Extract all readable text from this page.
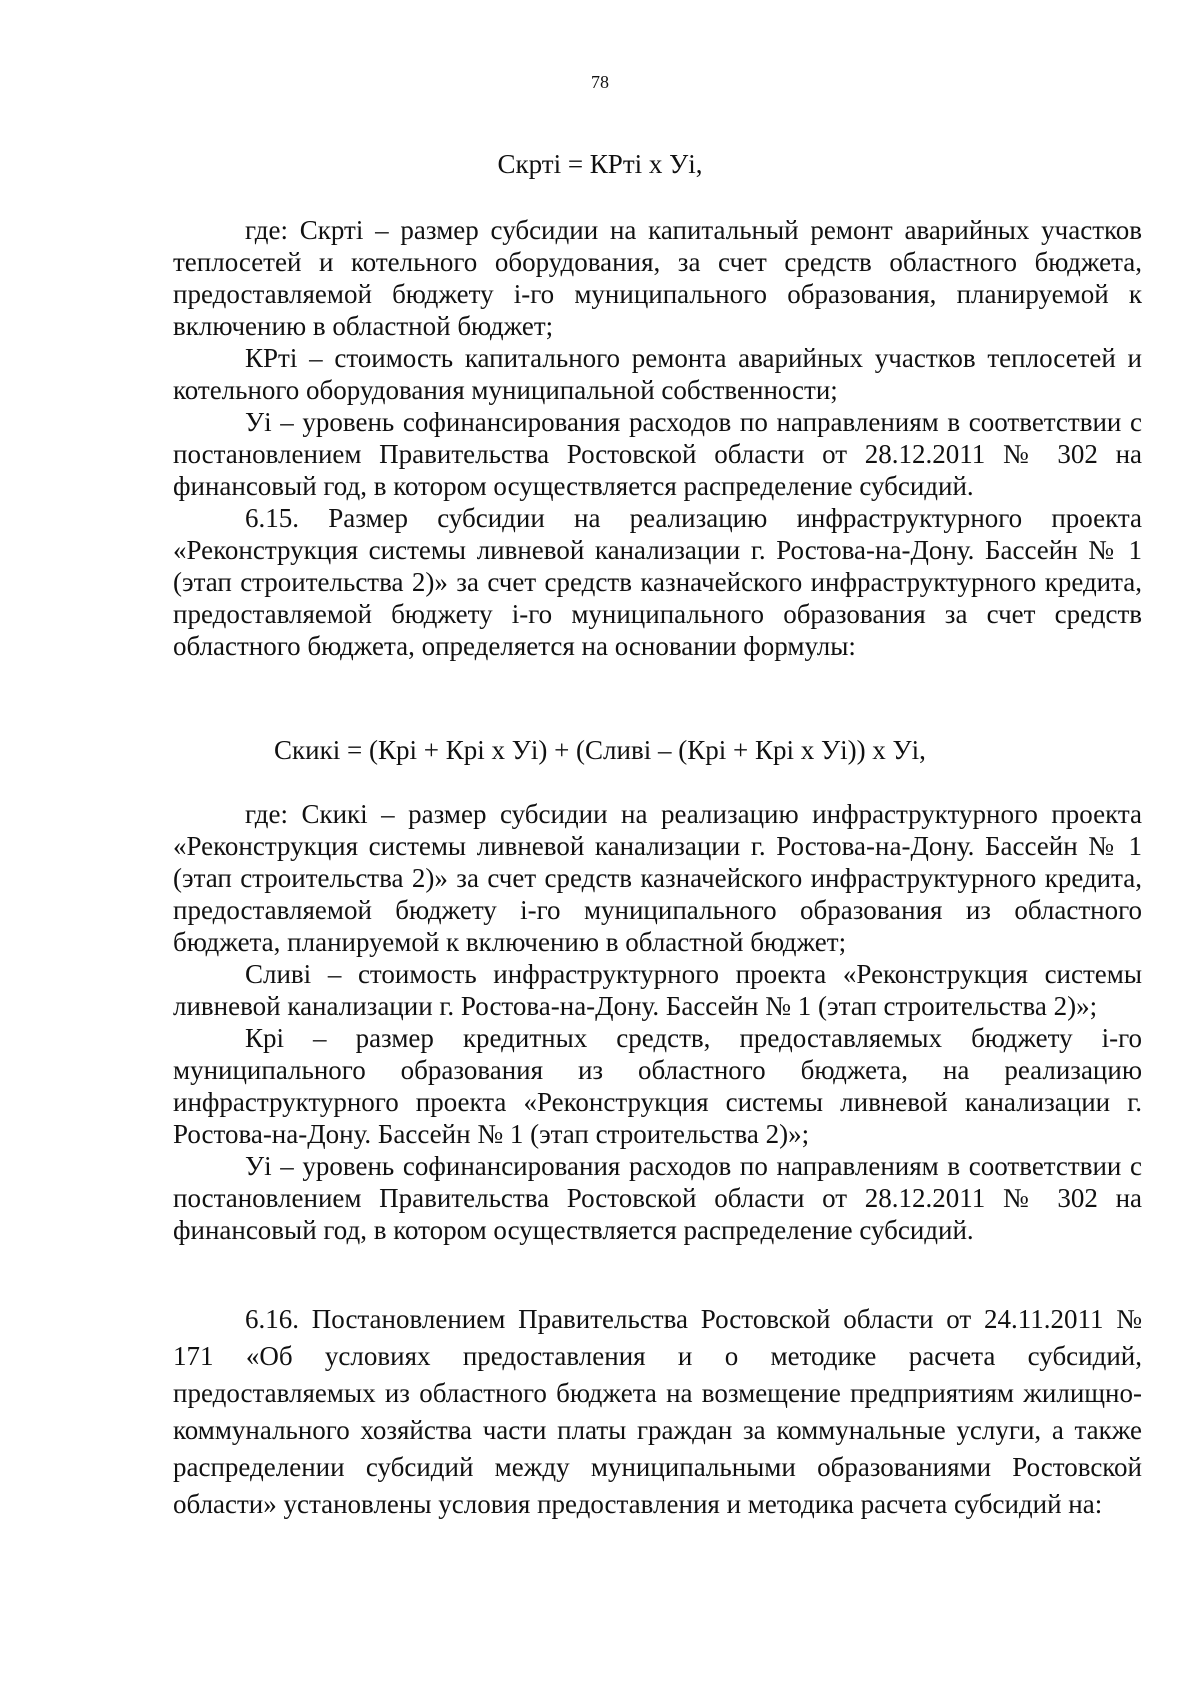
78
Скрті = КРті х Уі,

где: Скрті – размер субсидии на капитальный ремонт аварийных участков теплосетей и котельного оборудования, за счет средств областного бюджета, предоставляемой бюджету і-го муниципального образования, планируемой к включению в областной бюджет;

КРті – стоимость капитального ремонта аварийных участков теплосетей и котельного оборудования муниципальной собственности;

Уі – уровень софинансирования расходов по направлениям в соответствии с постановлением Правительства Ростовской области от 28.12.2011 № 302 на финансовый год, в котором осуществляется распределение субсидий.

6.15. Размер субсидии на реализацию инфраструктурного проекта «Реконструкция системы ливневой канализации г. Ростова-на-Дону. Бассейн № 1 (этап строительства 2)» за счет средств казначейского инфраструктурного кредита, предоставляемой бюджету і-го муниципального образования за счет средств областного бюджета, определяется на основании формулы:

Скикі = (Крі + Крі х Уі) + (Сливі – (Крі + Крі х Уі)) х Уі,

где: Скикі – размер субсидии на реализацию инфраструктурного проекта «Реконструкция системы ливневой канализации г. Ростова-на-Дону. Бассейн № 1 (этап строительства 2)» за счет средств казначейского инфраструктурного кредита, предоставляемой бюджету і-го муниципального образования из областного бюджета, планируемой к включению в областной бюджет;

Сливі – стоимость инфраструктурного проекта «Реконструкция системы ливневой канализации г. Ростова-на-Дону. Бассейн № 1 (этап строительства 2)»;

Крі – размер кредитных средств, предоставляемых бюджету і-го муниципального образования из областного бюджета, на реализацию инфраструктурного проекта «Реконструкция системы ливневой канализации г. Ростова-на-Дону. Бассейн № 1 (этап строительства 2)»;

Уі – уровень софинансирования расходов по направлениям в соответствии с постановлением Правительства Ростовской области от 28.12.2011 № 302 на финансовый год, в котором осуществляется распределение субсидий.

6.16. Постановлением Правительства Ростовской области от 24.11.2011 № 171 «Об условиях предоставления и о методике расчета субсидий, предоставляемых из областного бюджета на возмещение предприятиям жилищно-коммунального хозяйства части платы граждан за коммунальные услуги, а также распределении субсидий между муниципальными образованиями Ростовской области» установлены условия предоставления и методика расчета субсидий на:
